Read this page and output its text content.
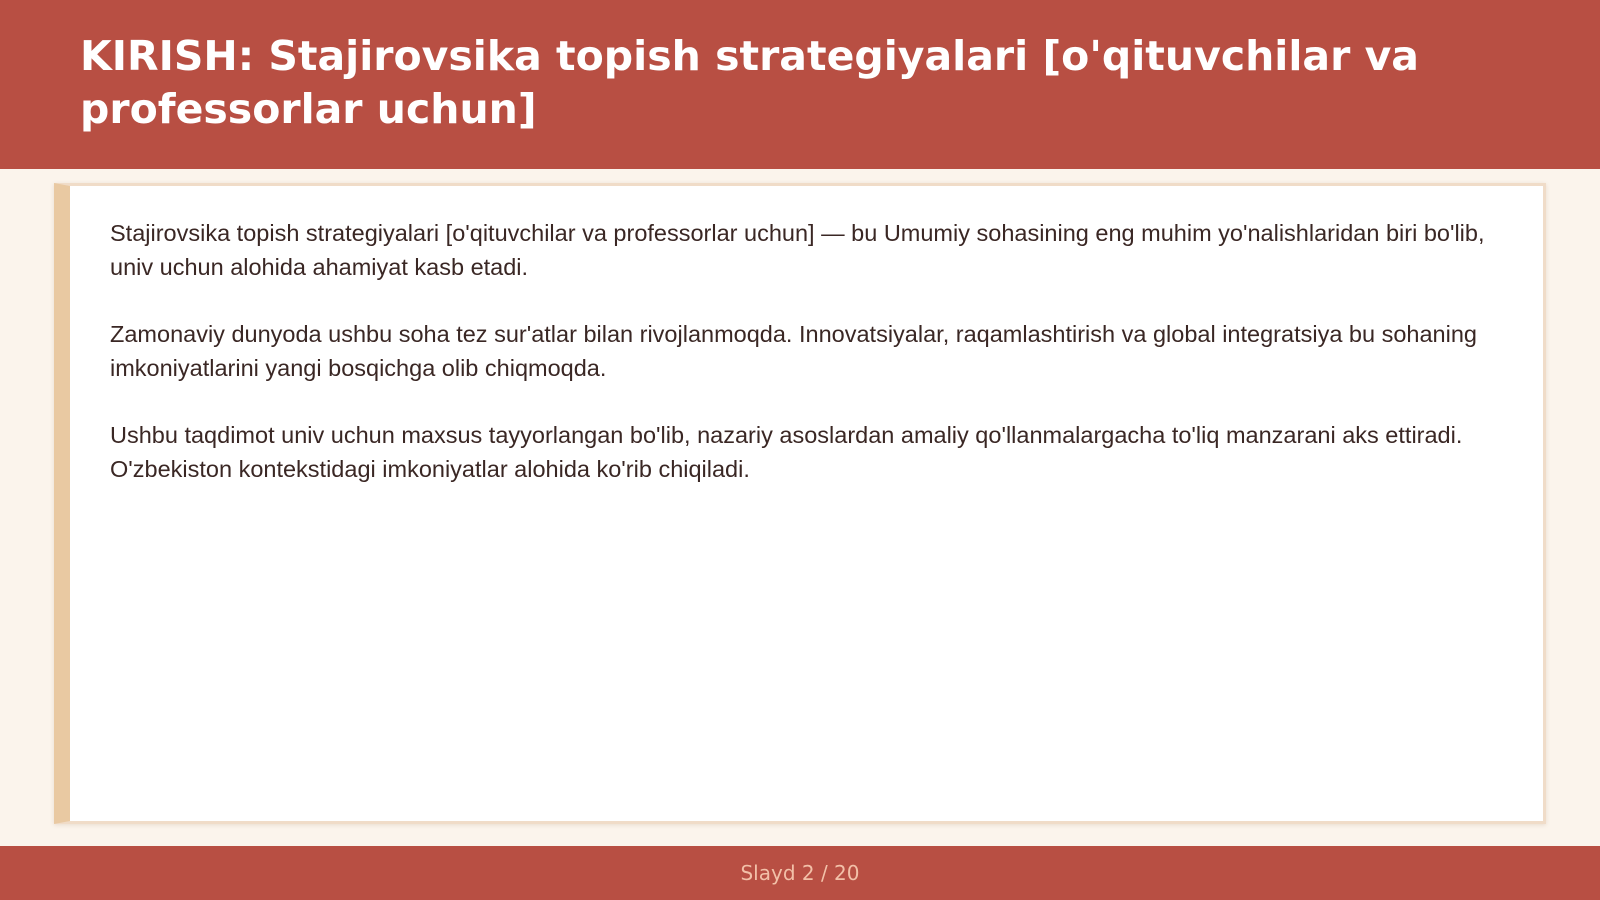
KIRISH: Stajirovsika topish strategiyalari [o'qituvchilar va professorlar uchun]

Stajirovsika topish strategiyalari [o'qituvchilar va professorlar uchun] — bu Umumiy sohasining eng muhim yo'nalishlaridan biri bo'lib, univ uchun alohida ahamiyat kasb etadi.

Zamonaviy dunyoda ushbu soha tez sur'atlar bilan rivojlanmoqda. Innovatsiyalar, raqamlashtirish va global integratsiya bu sohaning imkoniyatlarini yangi bosqichga olib chiqmoqda.

Ushbu taqdimot univ uchun maxsus tayyorlangan bo'lib, nazariy asoslardan amaliy qo'llanmalargacha to'liq manzarani aks ettiradi. O'zbekiston kontekstidagi imkoniyatlar alohida ko'rib chiqiladi.

Slayd 2 / 20
